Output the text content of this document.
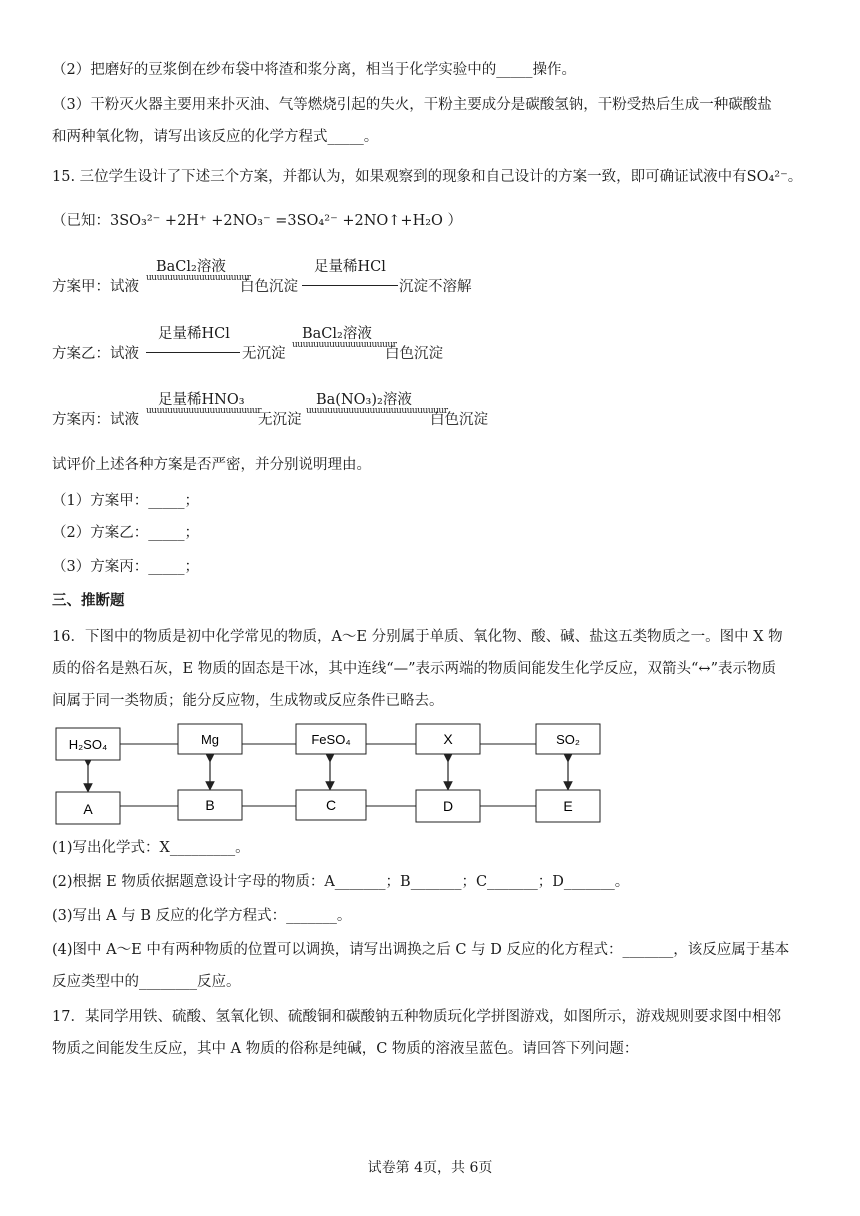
（2）把磨好的豆浆倒在纱布袋中将渣和浆分离，相当于化学实验中的_____操作。
（3）干粉灭火器主要用来扑灭油、气等燃烧引起的失火，干粉主要成分是碳酸氢钠，干粉受热后生成一种碳酸盐
和两种氧化物，请写出该反应的化学方程式_____。
15. 三位学生设计了下述三个方案，并都认为，如果观察到的现象和自己设计的方案一致，即可确证试液中有SO₄²⁻。
（已知：3SO₃²⁻ +2H⁺ +2NO₃⁻ =3SO₄²⁻ +2NO↑+H₂O ）
方案甲：试液
BaCl₂溶液
uuuuuuuuuuuuuuuuuuur
白色沉淀
足量稀HCl
沉淀不溶解
方案乙：试液
足量稀HCl
无沉淀
BaCl₂溶液
uuuuuuuuuuuuuuuuuuur
白色沉淀
方案丙：试液
足量稀HNO₃
uuuuuuuuuuuuuuuuuuuuur
无沉淀
Ba(NO₃)₂溶液
uuuuuuuuuuuuuuuuuuuuuuuuuur
白色沉淀
试评价上述各种方案是否严密，并分别说明理由。
（1）方案甲：_____；
（2）方案乙：_____；
（3）方案丙：_____；
三、推断题
16．下图中的物质是初中化学常见的物质，A～E 分别属于单质、氧化物、酸、碱、盐这五类物质之一。图中 X 物
质的俗名是熟石灰，E 物质的固态是干冰，其中连线“—”表示两端的物质间能发生化学反应，双箭头“↔”表示物质
间属于同一类物质；能分反应物，生成物或反应条件已略去。
H₂SO₄	Mg	FeSO₄	X	SO₂
A	B	C	D	E
(1)写出化学式：X_________。
(2)根据 E 物质依据题意设计字母的物质：A_______；B_______；C_______；D_______。
(3)写出 A 与 B 反应的化学方程式：_______。
(4)图中 A～E 中有两种物质的位置可以调换，请写出调换之后 C 与 D 反应的化方程式：_______，该反应属于基本
反应类型中的________反应。
17．某同学用铁、硫酸、氢氧化钡、硫酸铜和碳酸钠五种物质玩化学拼图游戏，如图所示，游戏规则要求图中相邻
物质之间能发生反应，其中 A 物质的俗称是纯碱，C 物质的溶液呈蓝色。请回答下列问题：
试卷第 4页，共 6页
